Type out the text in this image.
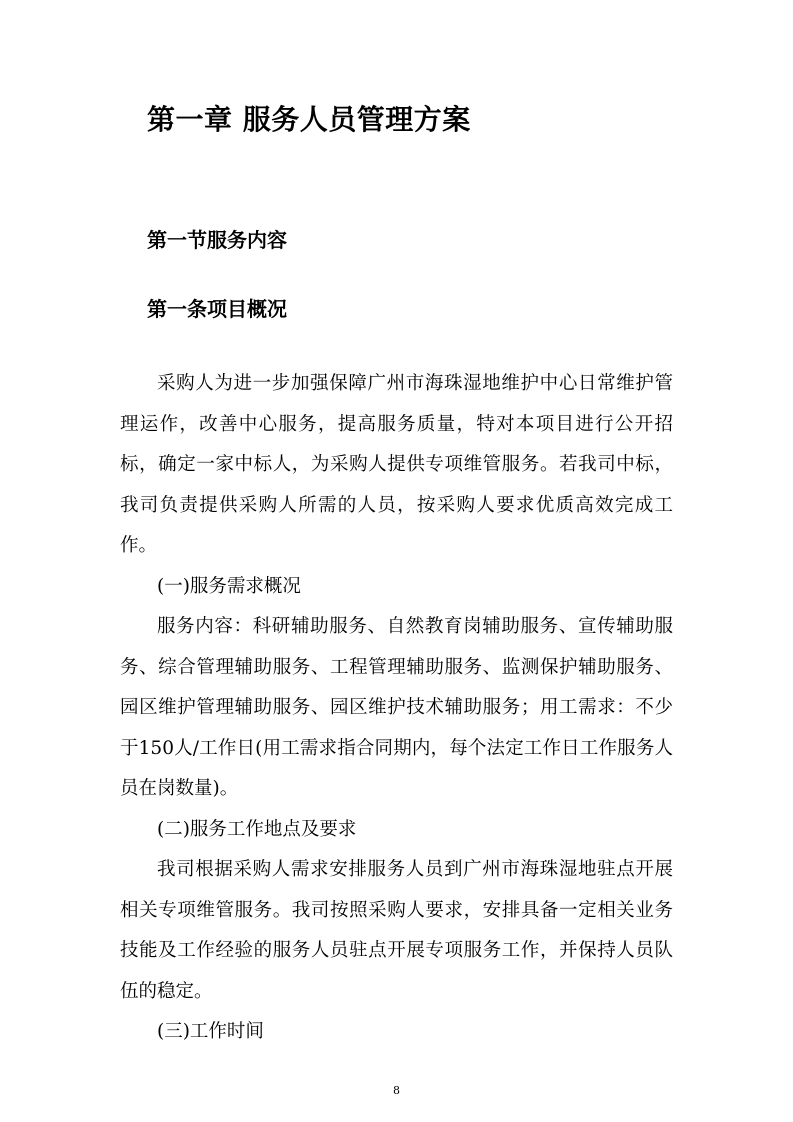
第一章 服务人员管理方案
第一节服务内容
第一条项目概况

采购人为进一步加强保障广州市海珠湿地维护中心日常维护管理运作，改善中心服务，提高服务质量，特对本项目进行公开招标，确定一家中标人，为采购人提供专项维管服务。若我司中标，我司负责提供采购人所需的人员，按采购人要求优质高效完成工作。

(一)服务需求概况

服务内容：科研辅助服务、自然教育岗辅助服务、宣传辅助服务、综合管理辅助服务、工程管理辅助服务、监测保护辅助服务、园区维护管理辅助服务、园区维护技术辅助服务；用工需求：不少于150人/工作日(用工需求指合同期内，每个法定工作日工作服务人员在岗数量)。

(二)服务工作地点及要求

我司根据采购人需求安排服务人员到广州市海珠湿地驻点开展相关专项维管服务。我司按照采购人要求，安排具备一定相关业务技能及工作经验的服务人员驻点开展专项服务工作，并保持人员队伍的稳定。

(三)工作时间

8
